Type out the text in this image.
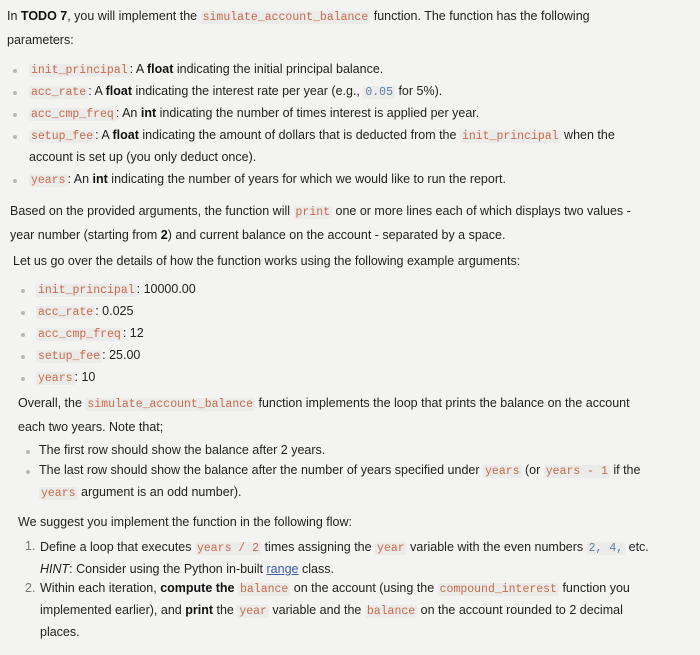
In TODO 7, you will implement the simulate_account_balance function. The function has the following
parameters:
init_principal : A float indicating the initial principal balance.
acc_rate : A float indicating the interest rate per year (e.g., 0.05 for 5%).
acc_cmp_freq : An int indicating the number of times interest is applied per year.
setup_fee : A float indicating the amount of dollars that is deducted from the init_principal when the
account is set up (you only deduct once).
years : An int indicating the number of years for which we would like to run the report.
Based on the provided arguments, the function will print one or more lines each of which displays two values -
year number (starting from 2) and current balance on the account - separated by a space.
Let us go over the details of how the function works using the following example arguments:
init_principal : 10000.00
acc_rate : 0.025
acc_cmp_freq : 12
setup_fee : 25.00
years : 10
Overall, the simulate_account_balance function implements the loop that prints the balance on the account
each two years. Note that;
The first row should show the balance after 2 years.
The last row should show the balance after the number of years specified under years (or years - 1 if the
years argument is an odd number).
We suggest you implement the function in the following flow:
1. Define a loop that executes years / 2 times assigning the year variable with the even numbers 2, 4, etc.
HINT: Consider using the Python in-built range class.
2. Within each iteration, compute the balance on the account (using the compound_interest function you
implemented earlier), and print the year variable and the balance on the account rounded to 2 decimal
places.
